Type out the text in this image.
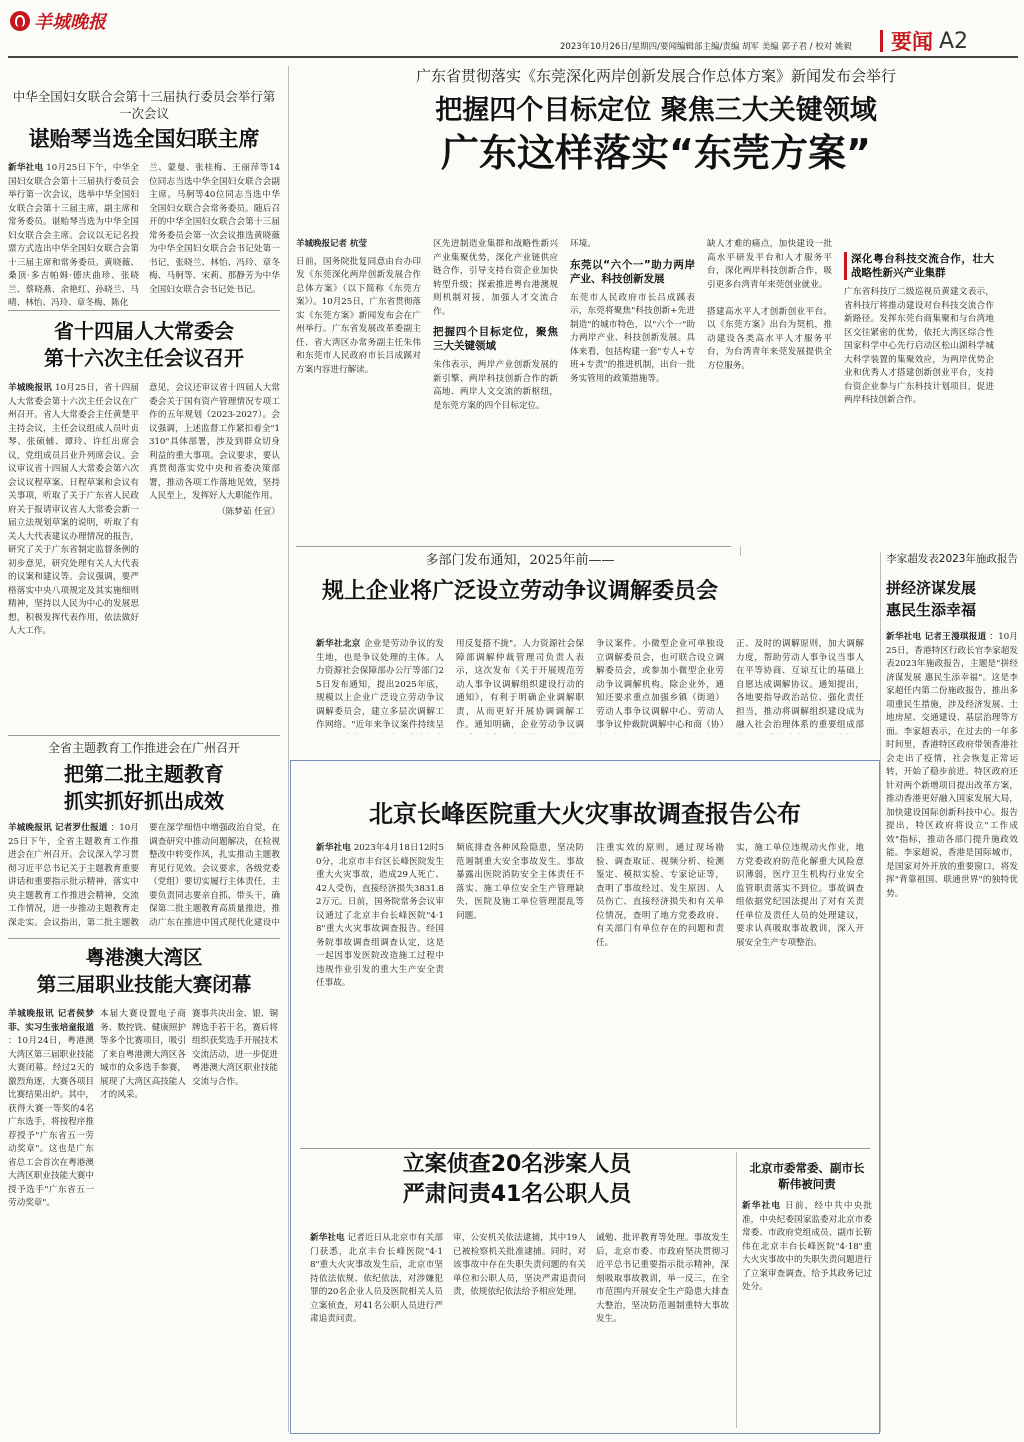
羊城晚报
2023年10月26日/星期四/要闻编辑部主编/责编 胡军 美编 郭子君 / 校对 姚毅	要闻 A2
中华全国妇女联合会第十三届执行委员会举行第一次会议
谌贻琴当选全国妇联主席
新华社电 10月25日下午，中华全国妇女联合会第十三届执行委员会举行第一次会议，选举中华全国妇女联合会第十三届主席，副主席和常务委员。谌贻琴当选为中华全国妇女联合会主席。会议以无记名投票方式选出中华全国妇女联合会第十三届主席和常务委员。黄晓薇、桑顶·多吉帕姆·德庆曲珍、张晓兰、蔡晓燕、余艳红、孙晓兰、马晴、林怡、冯玲、章冬梅、陈化
兰、蒙曼、张桂梅、王丽萍等14位同志当选中华全国妇女联合会副主席。马舸等40位同志当选中华全国妇女联合会常务委员。随后召开的中华全国妇女联合会第十三届常务委员会第一次会议推选黄晓薇为中华全国妇女联合会书记处第一书记，张晓兰、林怡、冯玲、章冬梅、马舸等、宋莉、那静芳为中华全国妇女联合会书记处书记。
省十四届人大常委会
第十六次主任会议召开
羊城晚报讯 10月25日，省十四届人大常委会第十六次主任会议在广州召开。省人大常委会主任黄楚平主持会议，主任会议组成人员叶贞琴、张硕辅、谭玲、许红出席会议，党组成员吕业升列席会议。会议审议省十四届人大常委会第六次会议议程草案、日程草案和会议有关事项，听取了关于广东省人民政府关于报请审议省人大常委会新一届立法规划草案的说明，听取了有关人大代表建议办理情况的报告，研究了关于广东省制定监督条例的初步意见，研究处理有关人大代表的议案和建议等。会议强调，要严格落实中央八项规定及其实施细则精神，坚持以人民为中心的发展思想，积极发挥代表作用，依法做好人大工作。
意见，会议还审议省十四届人大常委会关于国有资产管理情况专项工作的五年规划（2023-2027）。会议强调，上述监督工作紧扣着全"1310"具体部署，涉及到群众切身利益的重大事项。会议要求，要认真贯彻落实党中央和省委决策部署，推动各项工作落地见效，坚持人民至上，发挥好人大职能作用。
（陈梦茹 任宣）
全省主题教育工作推进会在广州召开
把第二批主题教育
抓实抓好抓出成效
羊城晚报讯 记者罗仕报道 ：10月25日下午，全省主题教育工作推进会在广州召开。会议深入学习贯彻习近平总书记关于主题教育重要讲话和重要指示批示精神，落实中央主题教育工作推进会精神，交流工作情况，进一步推动主题教育走深走实。会议指出，第二批主题教
要在深学细悟中增强政治自觉，在调查研究中推动问题解决，在检视整改中转变作风，扎实推动主题教育见行见效。会议要求，各级党委（党组）要切实履行主体责任，主要负责同志要亲自抓、带头干，确保第二批主题教育高质量推进，推动广东在推进中国式现代化建设中
粤港澳大湾区
第三届职业技能大赛闭幕
羊城晚报讯 记者侯梦菲、实习生张培童报道 ：10月24日，粤港澳大湾区第三届职业技能大赛闭幕。经过2天的激烈角逐，大赛各项目比赛结果出炉。其中，获得大赛一等奖的4名广东选手，将按程序推荐授予"广东省五一劳动奖章"。这也是广东省总工会首次在粤港澳大湾区职业技能大赛中授予选手"广东省五一劳动奖章"。
本届大赛设置电子商务、数控铣、健康照护等多个比赛项目，吸引了来自粤港澳大湾区各城市的众多选手参赛，展现了大湾区高技能人才的风采。
赛事共决出金、银、铜牌选手若干名，赛后将组织获奖选手开展技术交流活动，进一步促进粤港澳大湾区职业技能交流与合作。
广东省贯彻落实《东莞深化两岸创新发展合作总体方案》新闻发布会举行
把握四个目标定位 聚焦三大关键领域
广东这样落实“东莞方案”
羊城晚报记者 杭莹
日前，国务院批复同意由台办印发《东莞深化两岸创新发展合作总体方案》（以下简称《东莞方案》）。10月25日，广东省贯彻落实《东莞方案》新闻发布会在广州举行。广东省发展改革委副主任、省大湾区办常务副主任朱伟和东莞市人民政府市长吕成蹊对方案内容进行解读。
区先进制造业集群和战略性新兴产业集聚优势，深化产业链供应链合作，引导支持台资企业加快转型升级；探索推进粤台港澳规则机制对接，加强人才交流合作。
把握四个目标定位，聚焦三大关键领域
朱伟表示，两岸产业创新发展的新引擎、两岸科技创新合作的新高地、两岸人文交流的新枢纽，是东莞方案的四个目标定位。
环境。
东莞以“六个一”助力两岸产业、科技创新发展
东莞市人民政府市长吕成蹊表示，东莞将聚焦"科技创新+先进制造"的城市特色，以"六个一"助力两岸产业、科技创新发展。具体来看，包括构建一套"专人+专班+专责"的推进机制，出台一批务实管用的政策措施等。
缺人才难的痛点，加快建设一批高水平研发平台和人才服务平台，深化两岸科技创新合作，吸引更多台湾青年来莞创业就业。

搭建高水平人才创新创业平台。以《东莞方案》出台为契机，推动建设各类高水平人才服务平台，为台湾青年来莞发展提供全方位服务。
深化粤台科技交流合作，壮大战略性新兴产业集群
广东省科技厅二级巡视员黄建文表示，省科技厅将推动建设对台科技交流合作新路径。发挥东莞台商集聚和与台湾地区交往紧密的优势，依托大湾区综合性国家科学中心先行启动区松山湖科学城大科学装置的集聚效应，为两岸优势企业和优秀人才搭建创新创业平台，支持台资企业参与广东科技计划项目，促进两岸科技创新合作。
多部门发布通知，2025年前——
规上企业将广泛设立劳动争议调解委员会
新华社北京 企业是劳动争议的发生地，也是争议处理的主体。人力资源社会保障部办公厅等部门25日发布通知，提出2025年底，规模以上企业广泛设立劳动争议调解委员会，建立多层次调解工作网络。"近年来争议案件持续呈
用反复搭不拢"。人力资源社会保障部调解仲裁管理司负责人表示，这次发布《关于开展规范劳动人事争议调解组织建设行动的通知》，有利于明确企业调解职责，从而更好开展协调调解工作。通知明确，企业劳动争议调
争议案件。小微型企业可单独设立调解委员会，也可联合设立调解委员会，或参加小微型企业劳动争议调解机构。除企业外，通知还要求重点加强乡镇（街道）劳动人事争议调解中心、劳动人事争议仲裁院调解中心和商（协）
正、及时的调解原则，加大调解力度，帮助劳动人事争议当事人在平等协商、互谅互让的基础上自愿达成调解协议。通知提出，各地要指导政治站位、强化责任担当，推动将调解组织建设成为融入社会治理体系的重要组成部
北京长峰医院重大火灾事故调查报告公布
新华社电 2023年4月18日12时50分，北京市丰台区长峰医院发生重大火灾事故，造成29人死亡、42人受伤，直接经济损失3831.82万元。日前，国务院常务会议审议通过了北京丰台长峰医院"4·18"重大火灾事故调查报告。经国务院事故调查组调查认定，这是一起因事发医院改造施工过程中违规作业引发的重大生产安全责任事故。
频底排查各种风险隐患，坚决防范遏制重大安全事故发生。事故暴露出医院消防安全主体责任不落实、施工单位安全生产管理缺失，医院及施工单位管理混乱等问题。
注重实效的原则，通过现场勘验、调查取证、视频分析、检测鉴定、模拟实验、专家论证等，查明了事故经过、发生原因、人员伤亡、直接经济损失和有关单位情况，查明了地方党委政府、有关部门有单位存在的问题和责任。
实，施工单位违规动火作业，地方党委政府防范化解重大风险意识薄弱，医疗卫生机构行业安全监管职责落实不到位。事故调查组依据党纪国法提出了对有关责任单位及责任人员的处理建议，要求认真吸取事故教训，深入开展安全生产专项整治。
立案侦查20名涉案人员
严肃问责41名公职人员
新华社电 记者近日从北京市有关部门获悉，北京丰台长峰医院"4·18"重大火灾事故发生后，北京市坚持依法依规、依纪依法，对涉嫌犯罪的20名企业人员及医院相关人员立案侦查，对41名公职人员进行严肃追责问责。
审，公安机关依法逮捕，其中19人已被检察机关批准逮捕。同时，对该事故中存在失职失责问题的有关单位和公职人员，坚决严肃追责问责，依规依纪依法给予相应处理。
诫勉、批评教育等处理。事故发生后，北京市委、市政府坚决贯彻习近平总书记重要指示批示精神，深刻吸取事故教训，举一反三，在全市范围内开展安全生产隐患大排查大整治，坚决防范遏制重特大事故发生。
北京市委常委、副市长
靳伟被问责
新华社电 日前，经中共中央批准，中央纪委国家监委对北京市委常委、市政府党组成员、副市长靳伟在北京丰台长峰医院"4·18"重大火灾事故中的失职失责问题进行了立案审查调查，给予其政务记过处分。
李家超发表2023年施政报告
拼经济谋发展
惠民生添幸福
新华社电 记者王漫琪报道 ：10月25日，香港特区行政长官李家超发表2023年施政报告，主题是"拼经济谋发展 惠民生添幸福"。这是李家超任内第二份施政报告，推出多项重民生措施，涉及经济发展、土地房屋、交通建设、基层治理等方面。李家超表示，在过去的一年多时间里，香港特区政府带领香港社会走出了疫情，社会恢复正常运转，开始了稳步前进。特区政府还针对两个新增项目提出改革方案，推动香港更好融入国家发展大局，加快建设国际创新科技中心。报告提出，特区政府将设立"工作成效"指标，推动各部门提升施政效能。李家超说，香港是国际城市，是国家对外开放的重要窗口，将发挥"背靠祖国、联通世界"的独特优势。
